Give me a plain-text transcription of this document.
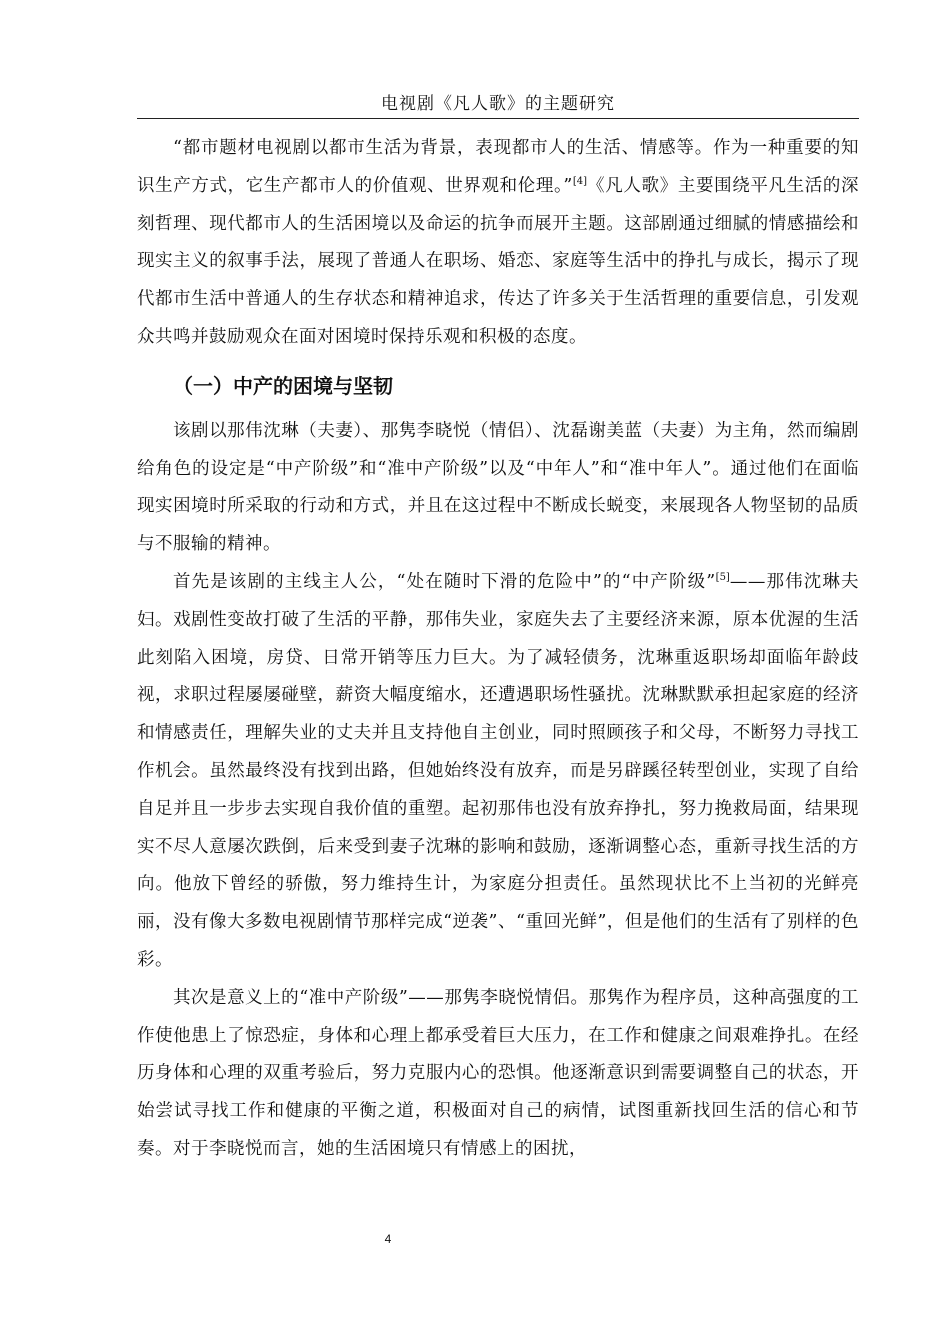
电视剧《凡人歌》的主题研究

“都市题材电视剧以都市生活为背景，表现都市人的生活、情感等。作为一种重要的知识生产方式，它生产都市人的价值观、世界观和伦理。”[4]《凡人歌》主要围绕平凡生活的深刻哲理、现代都市人的生活困境以及命运的抗争而展开主题。这部剧通过细腻的情感描绘和现实主义的叙事手法，展现了普通人在职场、婚恋、家庭等生活中的挣扎与成长，揭示了现代都市生活中普通人的生存状态和精神追求，传达了许多关于生活哲理的重要信息，引发观众共鸣并鼓励观众在面对困境时保持乐观和积极的态度。

（一）中产的困境与坚韧

该剧以那伟沈琳（夫妻）、那隽李晓悦（情侣）、沈磊谢美蓝（夫妻）为主角，然而编剧给角色的设定是“中产阶级”和“准中产阶级”以及“中年人”和“准中年人”。通过他们在面临现实困境时所采取的行动和方式，并且在这过程中不断成长蜕变，来展现各人物坚韧的品质与不服输的精神。

首先是该剧的主线主人公，“处在随时下滑的危险中”的“中产阶级”[5]——那伟沈琳夫妇。戏剧性变故打破了生活的平静，那伟失业，家庭失去了主要经济来源，原本优渥的生活此刻陷入困境，房贷、日常开销等压力巨大。为了减轻债务，沈琳重返职场却面临年龄歧视，求职过程屡屡碰壁，薪资大幅度缩水，还遭遇职场性骚扰。沈琳默默承担起家庭的经济和情感责任，理解失业的丈夫并且支持他自主创业，同时照顾孩子和父母，不断努力寻找工作机会。虽然最终没有找到出路，但她始终没有放弃，而是另辟蹊径转型创业，实现了自给自足并且一步步去实现自我价值的重塑。起初那伟也没有放弃挣扎，努力挽救局面，结果现实不尽人意屡次跌倒，后来受到妻子沈琳的影响和鼓励，逐渐调整心态，重新寻找生活的方向。他放下曾经的骄傲，努力维持生计，为家庭分担责任。虽然现状比不上当初的光鲜亮丽，没有像大多数电视剧情节那样完成“逆袭”、“重回光鲜”，但是他们的生活有了别样的色彩。

其次是意义上的“准中产阶级”——那隽李晓悦情侣。那隽作为程序员，这种高强度的工作使他患上了惊恐症，身体和心理上都承受着巨大压力，在工作和健康之间艰难挣扎。在经历身体和心理的双重考验后，努力克服内心的恐惧。他逐渐意识到需要调整自己的状态，开始尝试寻找工作和健康的平衡之道，积极面对自己的病情，试图重新找回生活的信心和节奏。对于李晓悦而言，她的生活困境只有情感上的困扰，

4
